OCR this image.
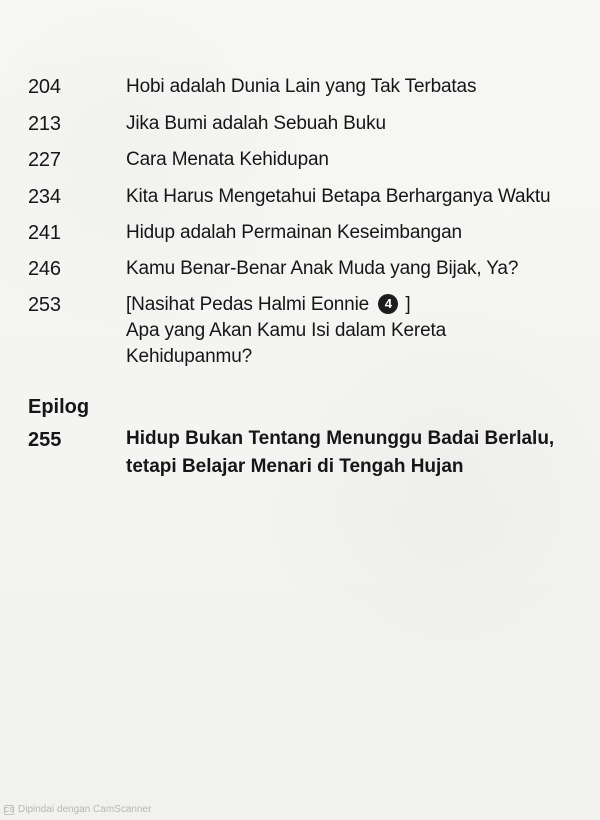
204	Hobi adalah Dunia Lain yang Tak Terbatas
213	Jika Bumi adalah Sebuah Buku
227	Cara Menata Kehidupan
234	Kita Harus Mengetahui Betapa Berharganya Waktu
241	Hidup adalah Permainan Keseimbangan
246	Kamu Benar-Benar Anak Muda yang Bijak, Ya?
253	[Nasihat Pedas Halmi Eonnie 4 ]
Apa yang Akan Kamu Isi dalam Kereta
Kehidupanmu?
Epilog
255	Hidup Bukan Tentang Menunggu Badai Berlalu,
tetapi Belajar Menari di Tengah Hujan
CS Dipindai dengan CamScanner
